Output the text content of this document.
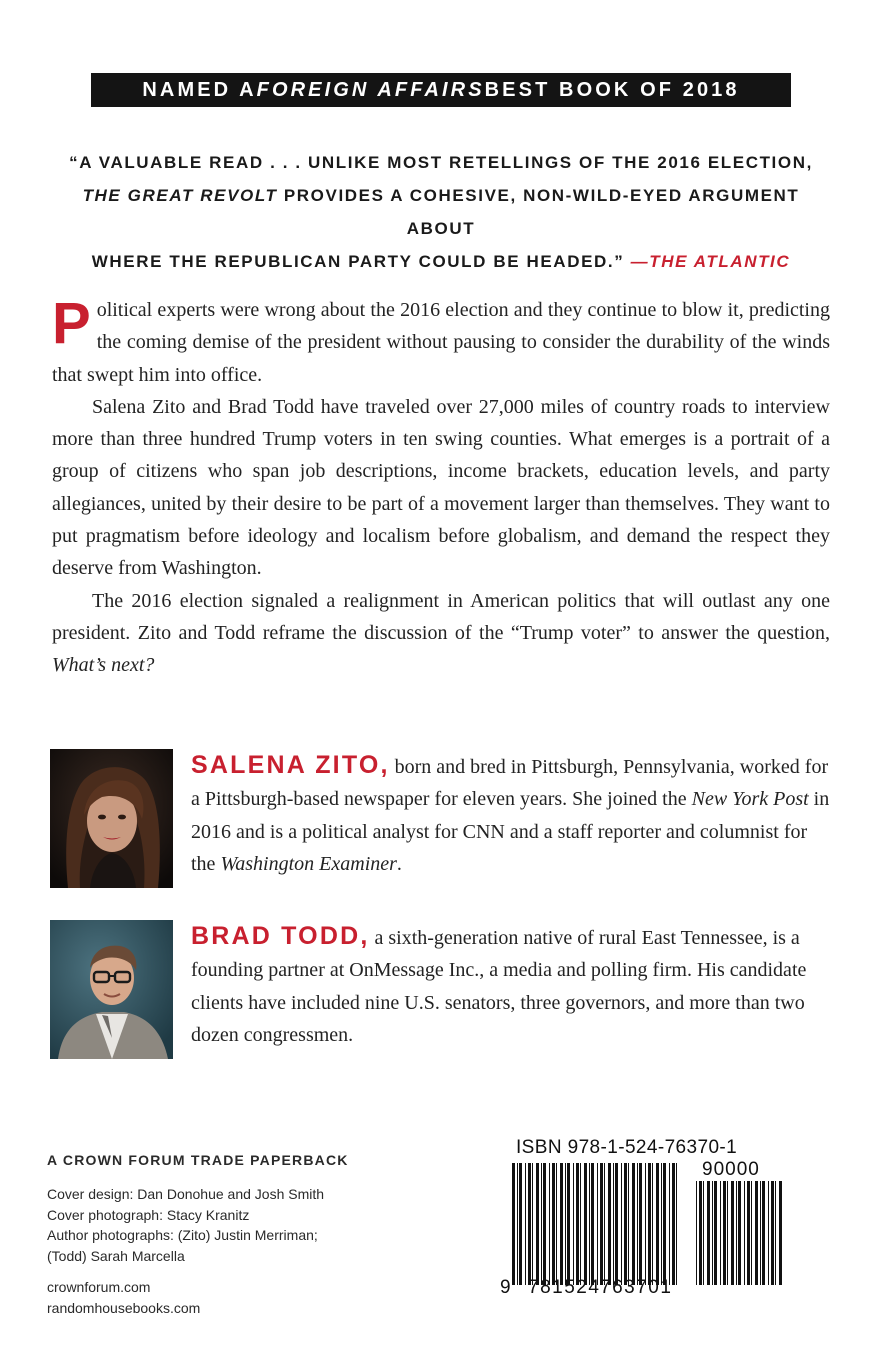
NAMED A FOREIGN AFFAIRS BEST BOOK OF 2018
“A VALUABLE READ . . . UNLIKE MOST RETELLINGS OF THE 2016 ELECTION,
THE GREAT REVOLT PROVIDES A COHESIVE, NON-WILD-EYED ARGUMENT ABOUT
WHERE THE REPUBLICAN PARTY COULD BE HEADED.” —THE ATLANTIC

Political experts were wrong about the 2016 election and they continue to blow it, predicting the coming demise of the president without pausing to consider the durability of the winds that swept him into office.

Salena Zito and Brad Todd have traveled over 27,000 miles of country roads to interview more than three hundred Trump voters in ten swing counties. What emerges is a portrait of a group of citizens who span job descriptions, income brackets, education levels, and party allegiances, united by their desire to be part of a movement larger than themselves. They want to put pragmatism before ideology and localism before globalism, and demand the respect they deserve from Washington.

The 2016 election signaled a realignment in American politics that will outlast any one president. Zito and Todd reframe the discussion of the “Trump voter” to answer the question, What’s next?

SALENA ZITO, born and bred in Pittsburgh, Pennsylvania, worked for a Pittsburgh-based newspaper for eleven years. She joined the New York Post in 2016 and is a political analyst for CNN and a staff reporter and columnist for the Washington Examiner.
BRAD TODD, a sixth-generation native of rural East Tennessee, is a founding partner at OnMessage Inc., a media and polling firm. His candidate clients have included nine U.S. senators, three governors, and more than two dozen congressmen.
A CROWN FORUM TRADE PAPERBACK
Cover design: Dan Donohue and Josh Smith
Cover photograph: Stacy Kranitz
Author photographs: (Zito) Justin Merriman;
(Todd) Sarah Marcella
crownforum.com
randomhousebooks.com
ISBN 978-1-524-76370-1
90000
9 781524 763701
